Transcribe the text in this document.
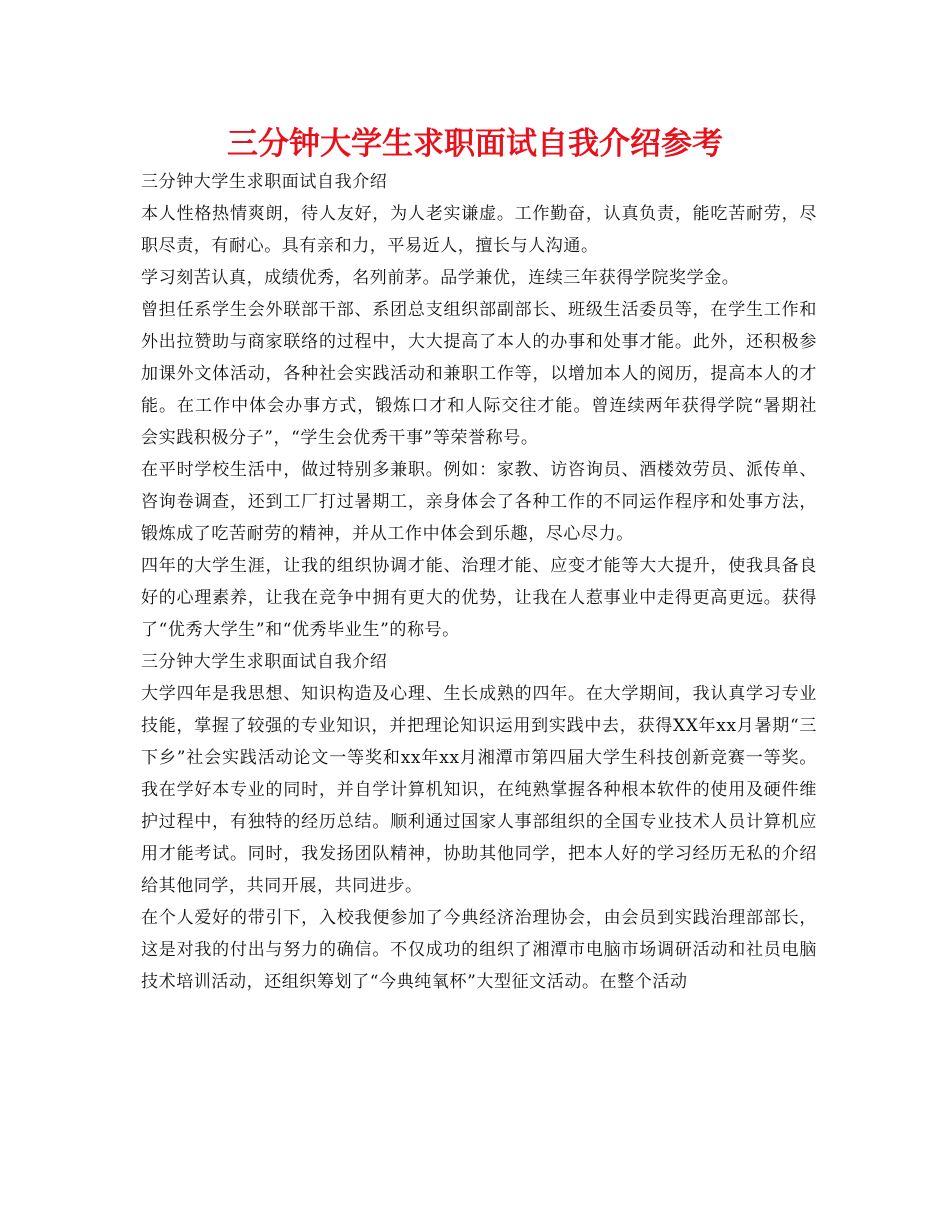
三分钟大学生求职面试自我介绍参考

三分钟大学生求职面试自我介绍

本人性格热情爽朗，待人友好，为人老实谦虚。工作勤奋，认真负责，能吃苦耐劳，尽职尽责，有耐心。具有亲和力，平易近人，擅长与人沟通。

学习刻苦认真，成绩优秀，名列前茅。品学兼优，连续三年获得学院奖学金。

曾担任系学生会外联部干部、系团总支组织部副部长、班级生活委员等，在学生工作和外出拉赞助与商家联络的过程中，大大提高了本人的办事和处事才能。此外，还积极参加课外文体活动，各种社会实践活动和兼职工作等，以增加本人的阅历，提高本人的才能。在工作中体会办事方式，锻炼口才和人际交往才能。曾连续两年获得学院“暑期社会实践积极分子”，“学生会优秀干事”等荣誉称号。

在平时学校生活中，做过特别多兼职。例如：家教、访咨询员、酒楼效劳员、派传单、咨询卷调查，还到工厂打过暑期工，亲身体会了各种工作的不同运作程序和处事方法，锻炼成了吃苦耐劳的精神，并从工作中体会到乐趣，尽心尽力。

四年的大学生涯，让我的组织协调才能、治理才能、应变才能等大大提升，使我具备良好的心理素养，让我在竞争中拥有更大的优势，让我在人惹事业中走得更高更远。获得了“优秀大学生”和“优秀毕业生”的称号。

三分钟大学生求职面试自我介绍

大学四年是我思想、知识构造及心理、生长成熟的四年。在大学期间，我认真学习专业技能，掌握了较强的专业知识，并把理论知识运用到实践中去，获得XX年xx月暑期“三下乡”社会实践活动论文一等奖和xx年xx月湘潭市第四届大学生科技创新竞赛一等奖。我在学好本专业的同时，并自学计算机知识，在纯熟掌握各种根本软件的使用及硬件维护过程中，有独特的经历总结。顺利通过国家人事部组织的全国专业技术人员计算机应用才能考试。同时，我发扬团队精神，协助其他同学，把本人好的学习经历无私的介绍给其他同学，共同开展，共同进步。

在个人爱好的带引下，入校我便参加了今典经济治理协会，由会员到实践治理部部长，这是对我的付出与努力的确信。不仅成功的组织了湘潭市电脑市场调研活动和社员电脑技术培训活动，还组织筹划了“今典纯氧杯”大型征文活动。在整个活动
